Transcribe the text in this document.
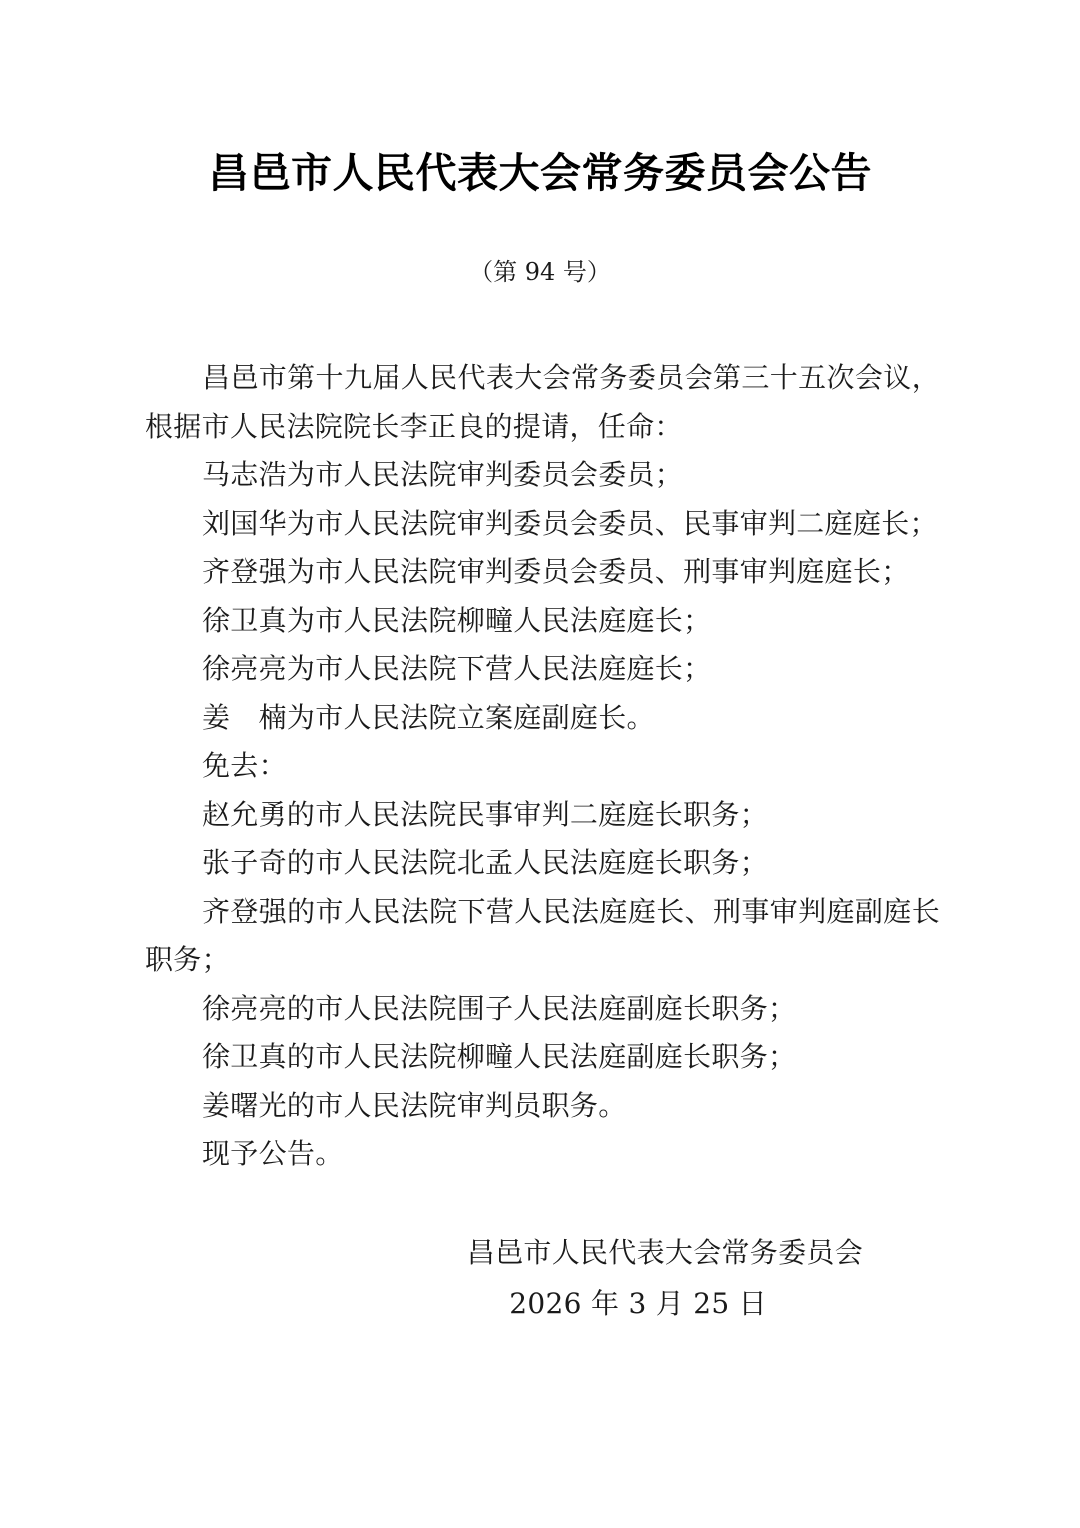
昌邑市人民代表大会常务委员会公告
（第 94 号）

昌邑市第十九届人民代表大会常务委员会第三十五次会议，根据市人民法院院长李正良的提请，任命：

马志浩为市人民法院审判委员会委员；

刘国华为市人民法院审判委员会委员、民事审判二庭庭长；

齐登强为市人民法院审判委员会委员、刑事审判庭庭长；

徐卫真为市人民法院柳疃人民法庭庭长；

徐亮亮为市人民法院下营人民法庭庭长；

姜　楠为市人民法院立案庭副庭长。

免去：

赵允勇的市人民法院民事审判二庭庭长职务；

张子奇的市人民法院北孟人民法庭庭长职务；

齐登强的市人民法院下营人民法庭庭长、刑事审判庭副庭长职务；

徐亮亮的市人民法院围子人民法庭副庭长职务；

徐卫真的市人民法院柳疃人民法庭副庭长职务；

姜曙光的市人民法院审判员职务。

现予公告。

昌邑市人民代表大会常务委员会
2026 年 3 月 25 日
